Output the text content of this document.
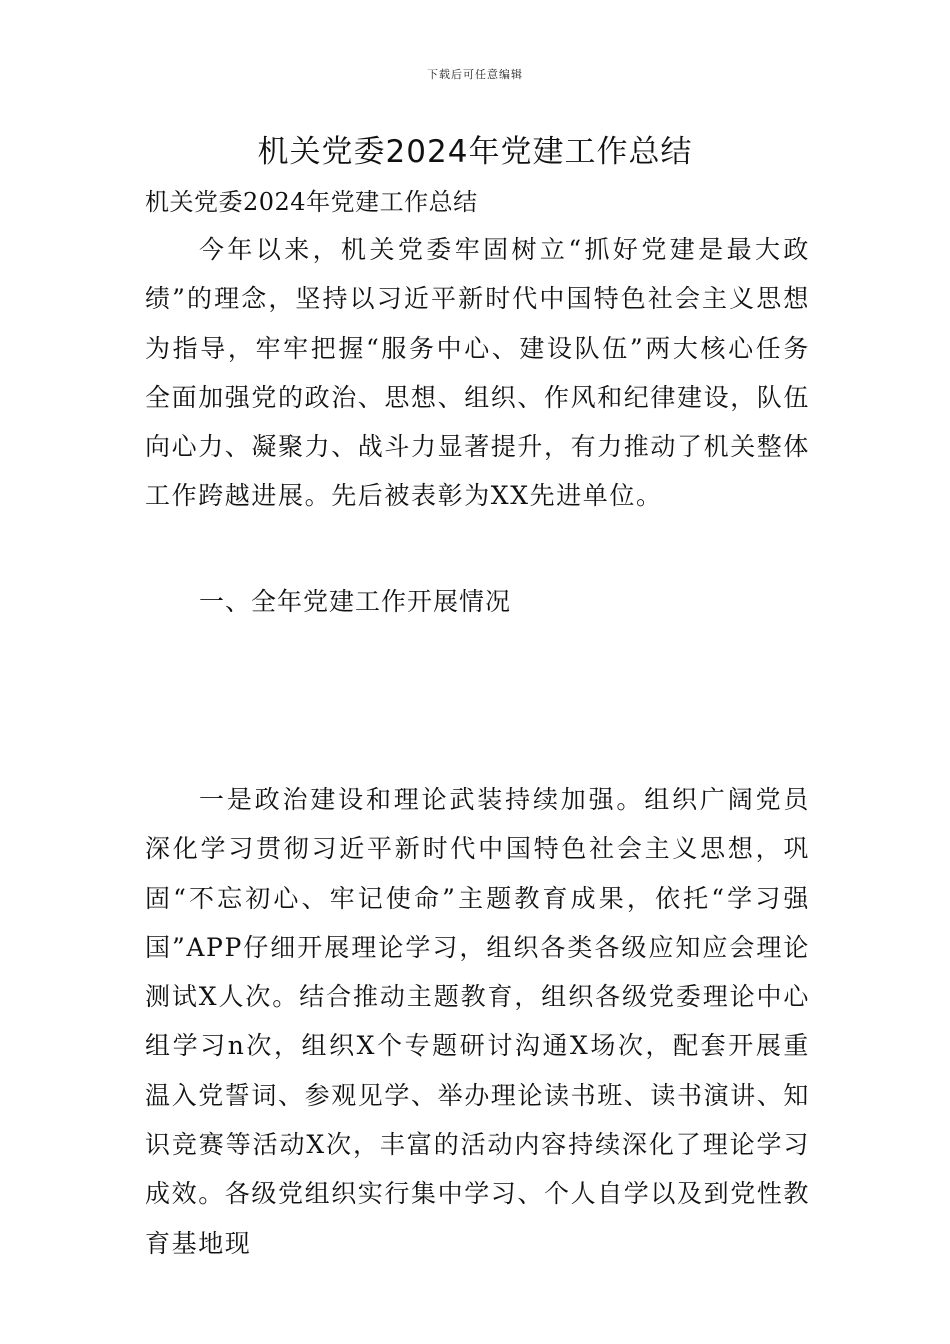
下载后可任意编辑
机关党委2024年党建工作总结
机关党委2024年党建工作总结

今年以来，机关党委牢固树立“抓好党建是最大政绩”的理念，坚持以习近平新时代中国特色社会主义思想为指导，牢牢把握“服务中心、建设队伍”两大核心任务全面加强党的政治、思想、组织、作风和纪律建设，队伍向心力、凝聚力、战斗力显著提升，有力推动了机关整体工作跨越进展。先后被表彰为XX先进单位。

一、全年党建工作开展情况

一是政治建设和理论武装持续加强。组织广阔党员深化学习贯彻习近平新时代中国特色社会主义思想，巩固“不忘初心、牢记使命”主题教育成果，依托“学习强国”APP仔细开展理论学习，组织各类各级应知应会理论测试X人次。结合推动主题教育，组织各级党委理论中心组学习n次，组织X个专题研讨沟通X场次，配套开展重温入党誓词、参观见学、举办理论读书班、读书演讲、知识竞赛等活动X次，丰富的活动内容持续深化了理论学习成效。各级党组织实行集中学习、个人自学以及到党性教育基地现
